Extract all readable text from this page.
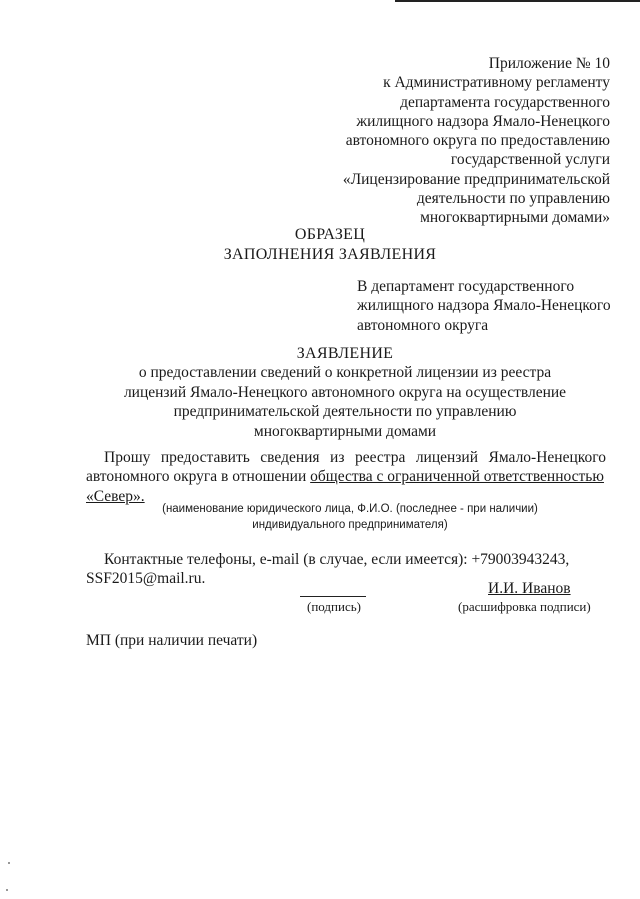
Приложение № 10
к Административному регламенту
департамента государственного
жилищного надзора Ямало-Ненецкого
автономного округа по предоставлению
государственной услуги
«Лицензирование предпринимательской
деятельности по управлению
многоквартирными домами»
ОБРАЗЕЦ
ЗАПОЛНЕНИЯ ЗАЯВЛЕНИЯ
В департамент государственного
жилищного надзора Ямало-Ненецкого
автономного округа
ЗАЯВЛЕНИЕ
о предоставлении сведений о конкретной лицензии из реестра
лицензий Ямало-Ненецкого автономного округа на осуществление
предпринимательской деятельности по управлению
многоквартирными домами
Прошу предоставить сведения из реестра лицензий Ямало-Ненецкого
автономного округа в отношении общества с ограниченной ответственностью
«Север».
(наименование юридического лица, Ф.И.О. (последнее - при наличии)
индивидуального предпринимателя)
Контактные телефоны, e-mail (в случае, если имеется): +79003943243,
SSF2015@mail.ru.
(подпись)
И.И. Иванов
(расшифровка подписи)
МП (при наличии печати)
